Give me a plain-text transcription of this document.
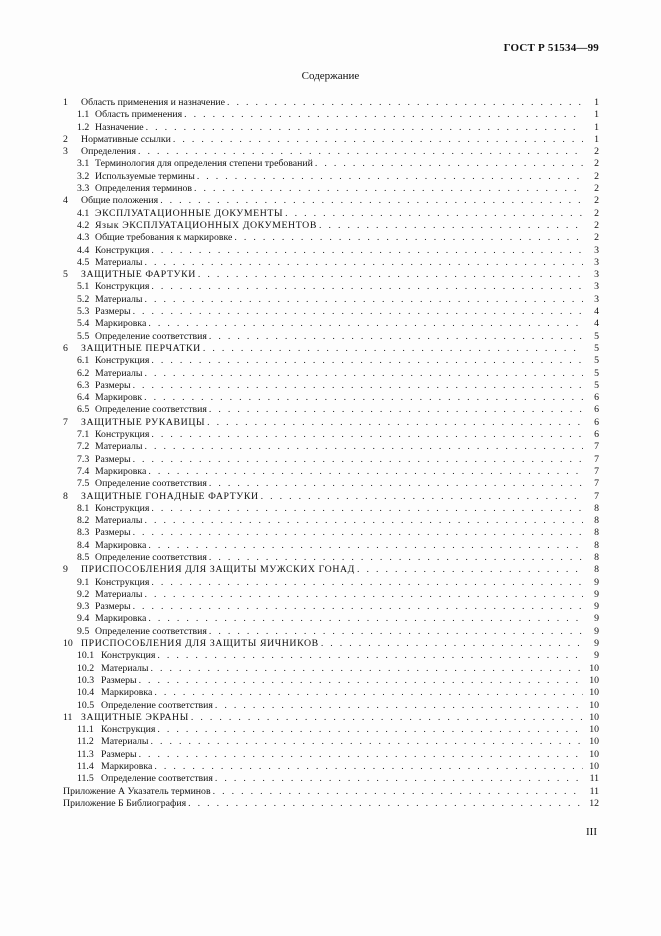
ГОСТ Р 51534—99
Содержание
1	Область применения и назначение . . .	1
1.1 Область применения . . .	1
1.2 Назначение . . .	1
2	Нормативные ссылки . . .	1
3	Определения . . .	2
3.1 Терминология для определения степени требований . . .	2
3.2 Используемые термины . . .	2
3.3 Определения терминов . . .	2
4	Общие положения . . .	2
4.1 ЭКСПЛУАТАЦИОННЫЕ ДОКУМЕНТЫ . . .	2
4.2 Язык ЭКСПЛУАТАЦИОННЫХ ДОКУМЕНТОВ . . .	2
4.3 Общие требования к маркировке . . .	2
4.4 Конструкция . . .	3
4.5 Материалы . . .	3
5	ЗАЩИТНЫЕ ФАРТУКИ . . .	3
5.1 Конструкция . . .	3
5.2 Материалы . . .	3
5.3 Размеры . . .	4
5.4 Маркировка . . .	4
5.5 Определение соответствия . . .	5
6	ЗАЩИТНЫЕ ПЕРЧАТКИ . . .	5
6.1 Конструкция . . .	5
6.2 Материалы . . .	5
6.3 Размеры . . .	5
6.4 Маркировк . . .	6
6.5 Определение соответствия . . .	6
7	ЗАЩИТНЫЕ РУКАВИЦЫ . . .	6
7.1 Конструкция . . .	6
7.2 Материалы . . .	7
7.3 Размеры . . .	7
7.4 Маркировка . . .	7
7.5 Определение соответствия . . .	7
8	ЗАЩИТНЫЕ ГОНАДНЫЕ ФАРТУКИ . . .	7
8.1 Конструкция . . .	8
8.2 Материалы . . .	8
8.3 Размеры . . .	8
8.4 Маркировка . . .	8
8.5 Определение соответствия . . .	8
9	ПРИСПОСОБЛЕНИЯ ДЛЯ ЗАЩИТЫ МУЖСКИХ ГОНАД . . .	8
9.1 Конструкция . . .	9
9.2 Материалы . . .	9
9.3 Размеры . . .	9
9.4 Маркировка . . .	9
9.5 Определение соответствия . . .	9
10 ПРИСПОСОБЛЕНИЯ ДЛЯ ЗАЩИТЫ ЯИЧНИКОВ . . .	9
10.1 Конструкция . . .	9
10.2 Материалы . . .	10
10.3 Размеры . . .	10
10.4 Маркировка . . .	10
10.5 Определение соответствия . . .	10
11 ЗАЩИТНЫЕ ЭКРАНЫ . . .	10
11.1 Конструкция . . .	10
11.2 Материалы . . .	10
11.3 Размеры . . .	10
11.4 Маркировка . . .	10
11.5 Определение соответствия . . .	11
Приложение А Указатель терминов . . .	11
Приложение Б Библиография . . .	12
III
